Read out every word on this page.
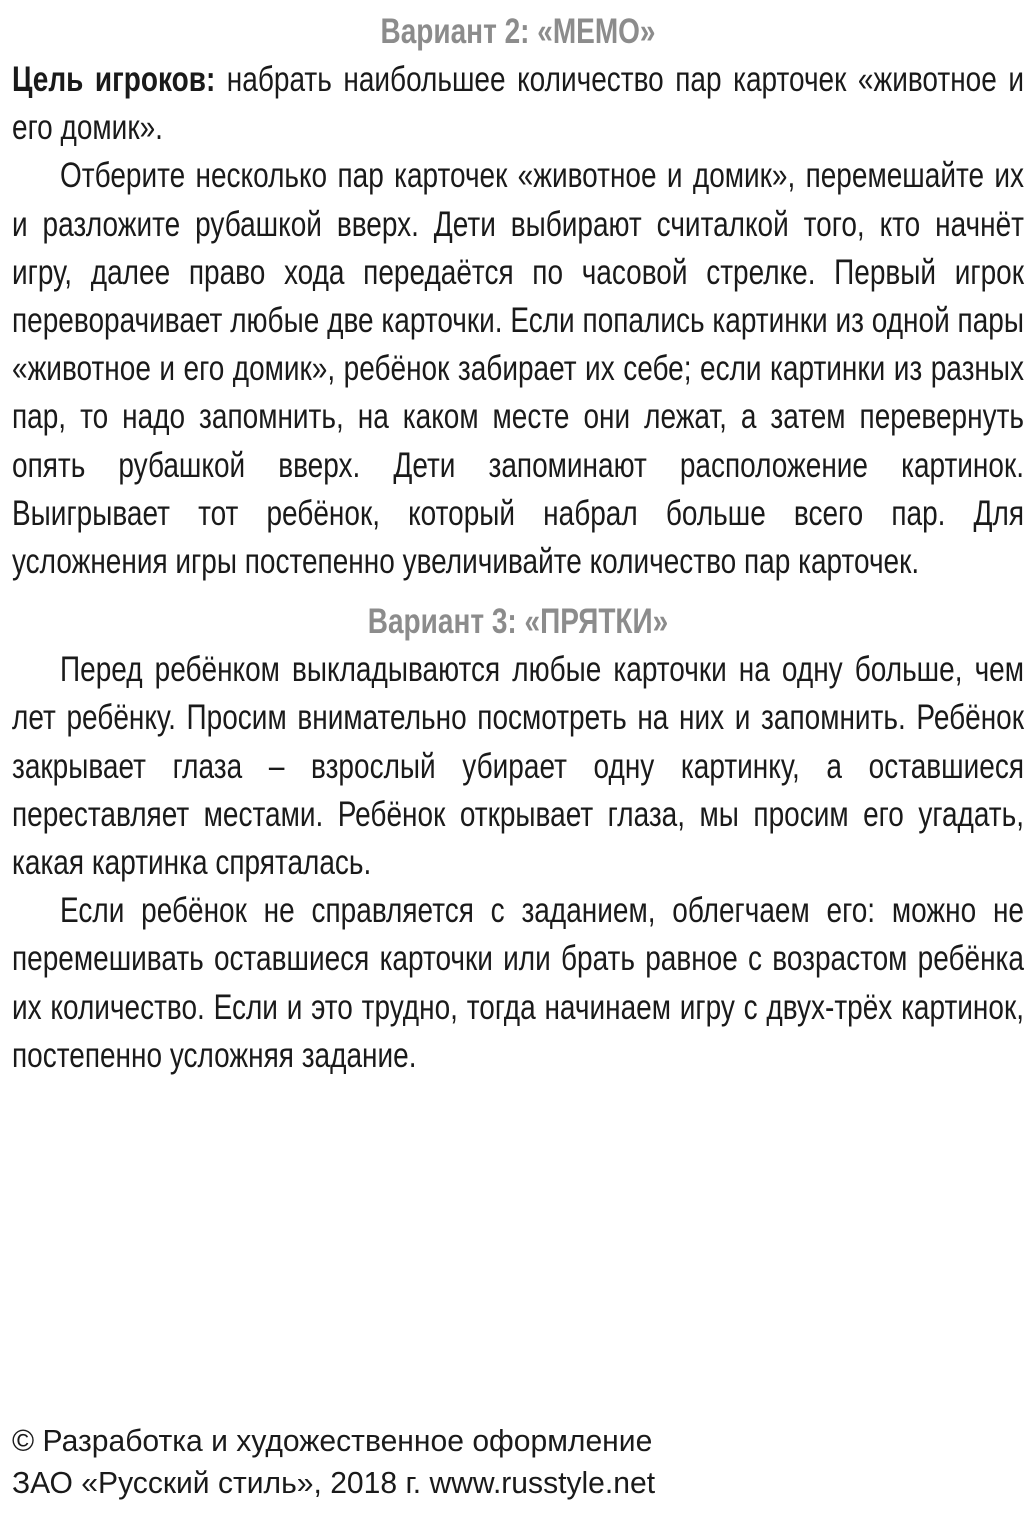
Вариант 2: «МЕМО»

Цель игроков: набрать наибольшее количество пар карточек «животное и его домик».

Отберите несколько пар карточек «животное и домик», перемешайте их и разложите рубашкой вверх. Дети выбирают считалкой того, кто начнёт игру, далее право хода передаётся по часовой стрелке. Первый игрок переворачивает любые две карточки. Если попались картинки из одной пары «животное и его домик», ребёнок забирает их себе; если картинки из разных пар, то надо запомнить, на каком месте они лежат, а затем перевернуть опять рубашкой вверх. Дети запоминают расположение картинок. Выигрывает тот ребёнок, который набрал больше всего пар. Для усложнения игры постепенно увеличивайте количество пар карточек.

Вариант 3: «ПРЯТКИ»

Перед ребёнком выкладываются любые карточки на одну больше, чем лет ребёнку. Просим внимательно посмотреть на них и запомнить. Ребёнок закрывает глаза – взрослый убирает одну картинку, а оставшиеся переставляет местами. Ребёнок открывает глаза, мы просим его угадать, какая картинка спряталась.

Если ребёнок не справляется с заданием, облегчаем его: можно не перемешивать оставшиеся карточки или брать равное с возрастом ребёнка их количество. Если и это трудно, тогда начинаем игру с двух-трёх картинок, постепенно усложняя задание.

© Разработка и художественное оформление
ЗАО «Русский стиль», 2018 г. www.russtyle.net
